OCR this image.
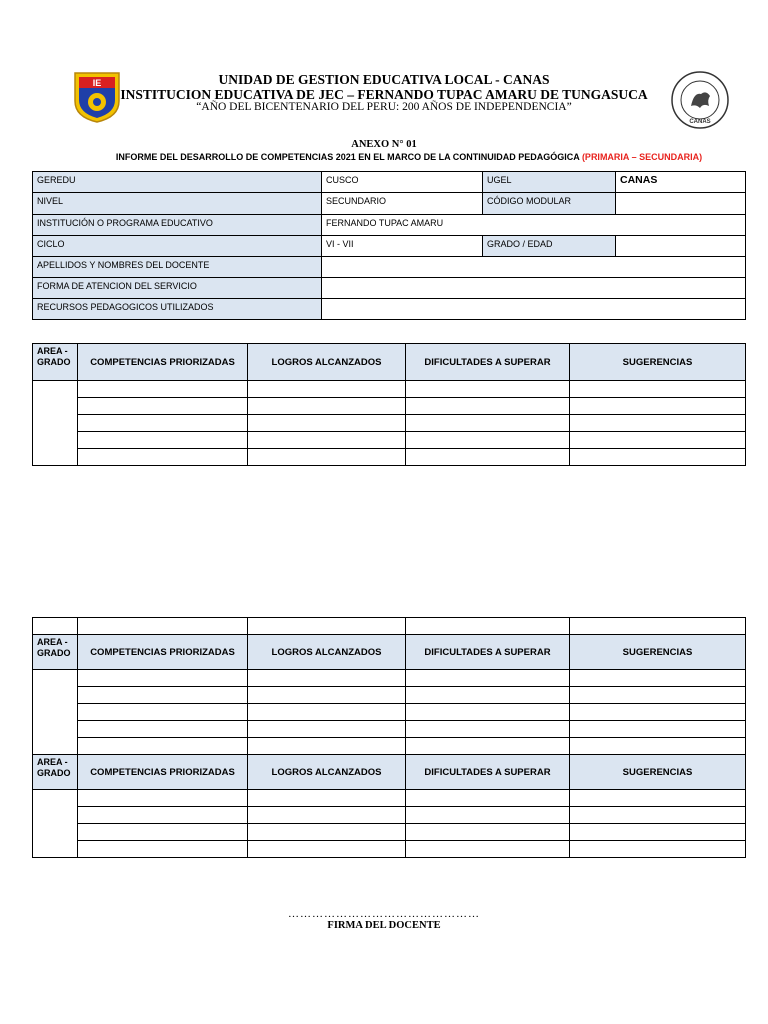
IE
CANAS
UNIDAD DE GESTION EDUCATIVA LOCAL - CANAS
INSTITUCION EDUCATIVA DE JEC – FERNANDO TUPAC AMARU DE TUNGASUCA
“AÑO DEL BICENTENARIO DEL PERU: 200 AÑOS DE INDEPENDENCIA”
ANEXO N° 01
INFORME DEL DESARROLLO DE COMPETENCIAS 2021 EN EL MARCO DE LA CONTINUIDAD PEDAGÓGICA (PRIMARIA – SECUNDARIA)
GEREDU	CUSCO	UGEL	CANAS
NIVEL	SECUNDARIO	CÓDIGO MODULAR	
INSTITUCIÓN O PROGRAMA EDUCATIVO	FERNANDO TUPAC AMARU		
CICLO	VI - VII	GRADO / EDAD	
APELLIDOS Y NOMBRES DEL DOCENTE			
FORMA DE ATENCION DEL SERVICIO			
RECURSOS PEDAGOGICOS UTILIZADOS			
AREA -
GRADO	COMPETENCIAS PRIORIZADAS	LOGROS ALCANZADOS	DIFICULTADES A SUPERAR	SUGERENCIAS

AREA -
GRADO	COMPETENCIAS PRIORIZADAS	LOGROS ALCANZADOS	DIFICULTADES A SUPERAR	SUGERENCIAS

AREA -
GRADO	COMPETENCIAS PRIORIZADAS	LOGROS ALCANZADOS	DIFICULTADES A SUPERAR	SUGERENCIAS

…………………………………………
FIRMA DEL DOCENTE
